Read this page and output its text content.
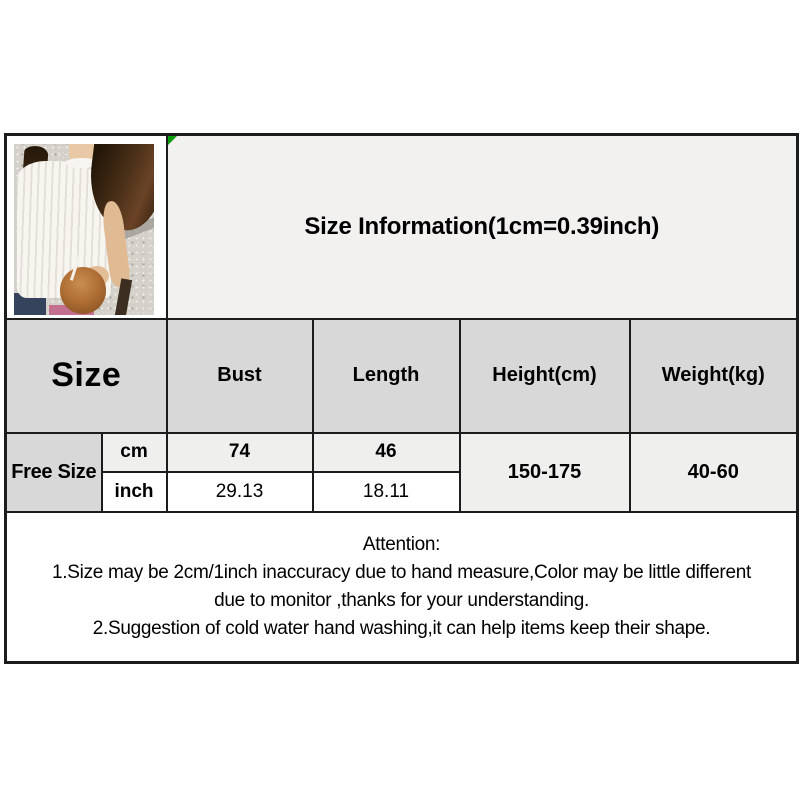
Size Information(1cm=0.39inch)			
Size		Bust	Length	Height(cm)	Weight(kg)
Free Size	cm	74	46	150-175	40-60
	inch	29.13	18.11		

Attention:
1.Size may be 2cm/1inch inaccuracy due to hand measure,Color may be little different
due to monitor ,thanks for your understanding.
2.Suggestion of cold water hand washing,it can help items keep their shape.					
